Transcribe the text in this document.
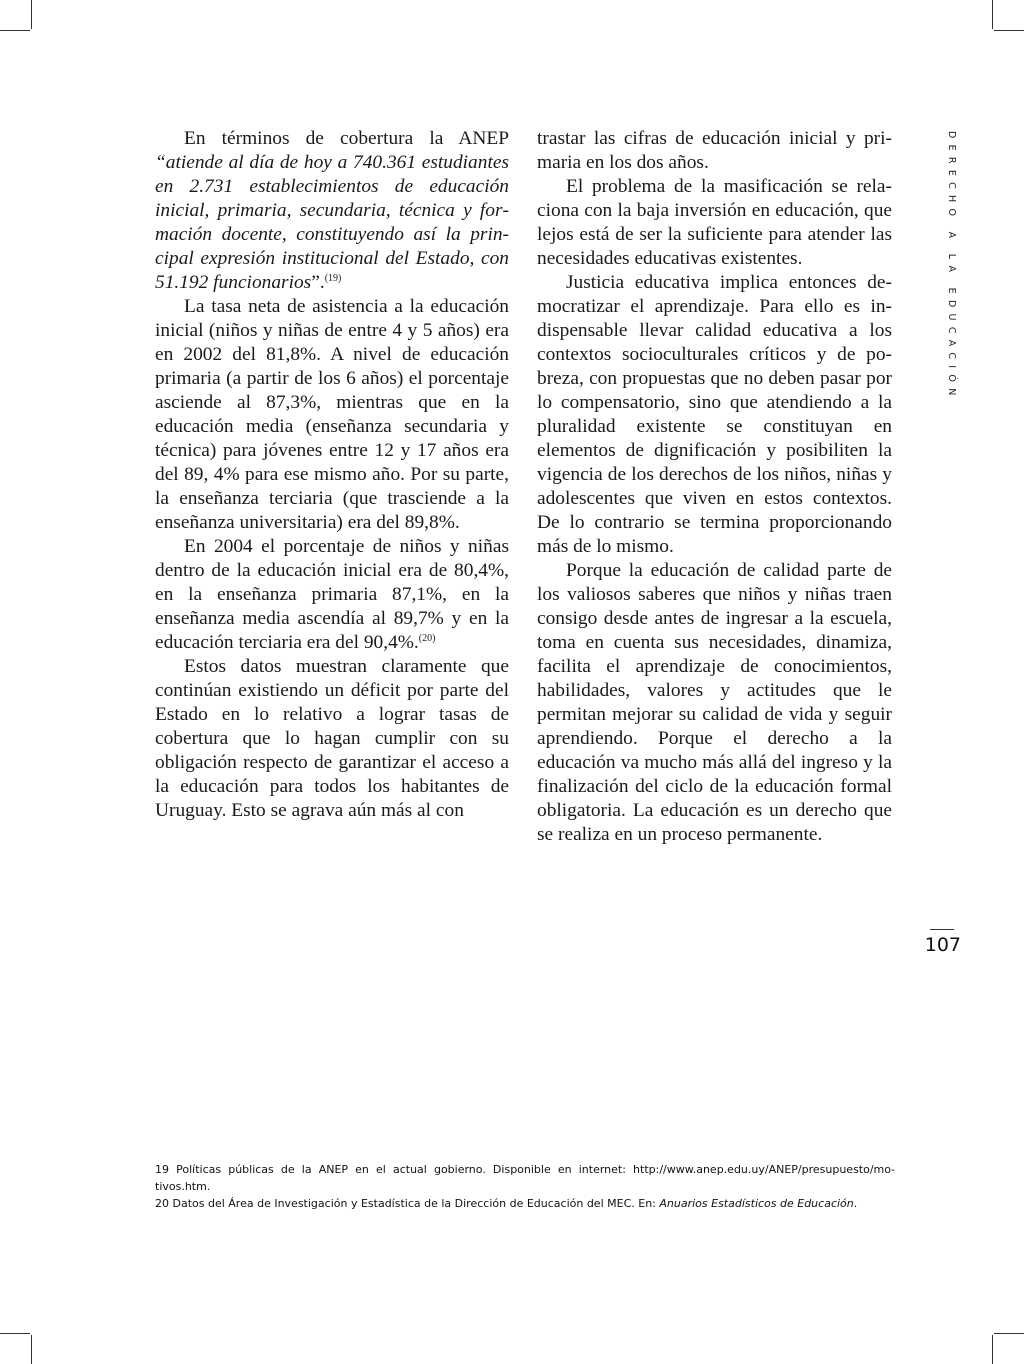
En términos de cobertura la ANEP “atiende al día de hoy a 740.361 estudiantes en 2.731 establecimientos de educación inicial, primaria, secundaria, técnica y formación docente, constituyendo así la principal expresión institucional del Estado, con 51.192 funcionarios”.$^{(19)}$

La tasa neta de asistencia a la educación inicial (niños y niñas de entre 4 y 5 años) era en 2002 del 81,8%. A nivel de educación primaria (a partir de los 6 años) el porcentaje asciende al 87,3%, mientras que en la educación media (enseñanza secundaria y técnica) para jóvenes entre 12 y 17 años era del 89, 4% para ese mismo año. Por su parte, la enseñanza terciaria (que trasciende a la enseñanza universitaria) era del 89,8%.

En 2004 el porcentaje de niños y niñas dentro de la educación inicial era de 80,4%, en la enseñanza primaria 87,1%, en la enseñanza media ascendía al 89,7% y en la educación terciaria era del 90,4%.$^{(20)}$

Estos datos muestran claramente que continúan existiendo un déficit por parte del Estado en lo relativo a lograr tasas de cobertura que lo hagan cumplir con su obligación respecto de garantizar el acceso a la educación para todos los habitantes de Uruguay. Esto se agrava aún más al con

trastar las cifras de educación inicial y primaria en los dos años.

El problema de la masificación se relaciona con la baja inversión en educación, que lejos está de ser la suficiente para atender las necesidades educativas existentes.

Justicia educativa implica entonces democratizar el aprendizaje. Para ello es indispensable llevar calidad educativa a los contextos socioculturales críticos y de pobreza, con propuestas que no deben pasar por lo compensatorio, sino que atendiendo a la pluralidad existente se constituyan en elementos de dignificación y posibiliten la vigencia de los derechos de los niños, niñas y adolescentes que viven en estos contextos. De lo contrario se termina proporcionando más de lo mismo.

Porque la educación de calidad parte de los valiosos saberes que niños y niñas traen consigo desde antes de ingresar a la escuela, toma en cuenta sus necesidades, dinamiza, facilita el aprendizaje de conocimientos, habilidades, valores y actitudes que le permitan mejorar su calidad de vida y seguir aprendiendo. Porque el derecho a la educación va mucho más allá del ingreso y la finalización del ciclo de la educación formal obligatoria. La educación es un derecho que se realiza en un proceso permanente.

DERECHO A LA EDUCACIÓN
107

19 Políticas públicas de la ANEP en el actual gobierno. Disponible en internet: http://www.anep.edu.uy/ANEP/presupuesto/motivos.htm.

20 Datos del Área de Investigación y Estadística de la Dirección de Educación del MEC. En: Anuarios Estadísticos de Educación.
